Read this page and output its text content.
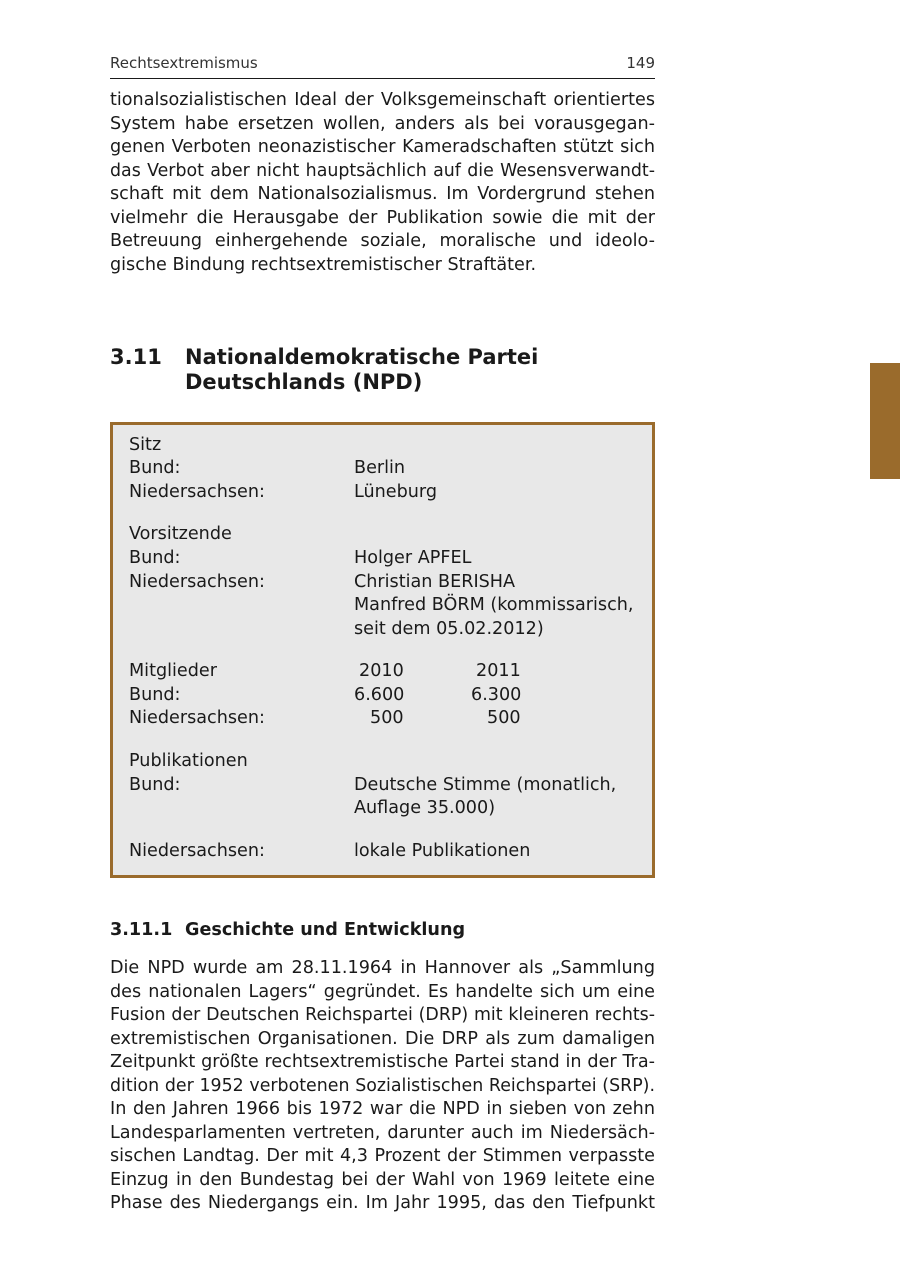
Rechtsextremismus	149
tionalsozialistischen Ideal der Volksgemeinschaft orientiertes
System habe ersetzen wollen, anders als bei vorausgegan-
genen Verboten neonazistischer Kameradschaften stützt sich
das Verbot aber nicht hauptsächlich auf die Wesensverwandt-
schaft mit dem Nationalsozialismus. Im Vordergrund stehen
vielmehr die Herausgabe der Publikation sowie die mit der
Betreuung einhergehende soziale, moralische und ideolo-
gische Bindung rechtsextremistischer Straftäter.
3.11 Nationaldemokratische Partei
Deutschlands (NPD)
Sitz
Bund:	Berlin
Niedersachsen:	Lüneburg
Vorsitzende
Bund:	Holger APFEL
Niedersachsen:	Christian BERISHA
Manfred BÖRM (kommissarisch,
seit dem 05.02.2012)
Mitglieder	2010	2011
Bund:	6.600	6.300
Niedersachsen:	500	500
Publikationen
Bund:	Deutsche Stimme (monatlich,
Auflage 35.000)
Niedersachsen:	lokale Publikationen
3.11.1 Geschichte und Entwicklung
Die NPD wurde am 28.11.1964 in Hannover als „Sammlung
des nationalen Lagers“ gegründet. Es handelte sich um eine
Fusion der Deutschen Reichspartei (DRP) mit kleineren rechts-
extremistischen Organisationen. Die DRP als zum damaligen
Zeitpunkt größte rechtsextremistische Partei stand in der Tra-
dition der 1952 verbotenen Sozialistischen Reichspartei (SRP).
In den Jahren 1966 bis 1972 war die NPD in sieben von zehn
Landesparlamenten vertreten, darunter auch im Niedersäch-
sischen Landtag. Der mit 4,3 Prozent der Stimmen verpasste
Einzug in den Bundestag bei der Wahl von 1969 leitete eine
Phase des Niedergangs ein. Im Jahr 1995, das den Tiefpunkt
